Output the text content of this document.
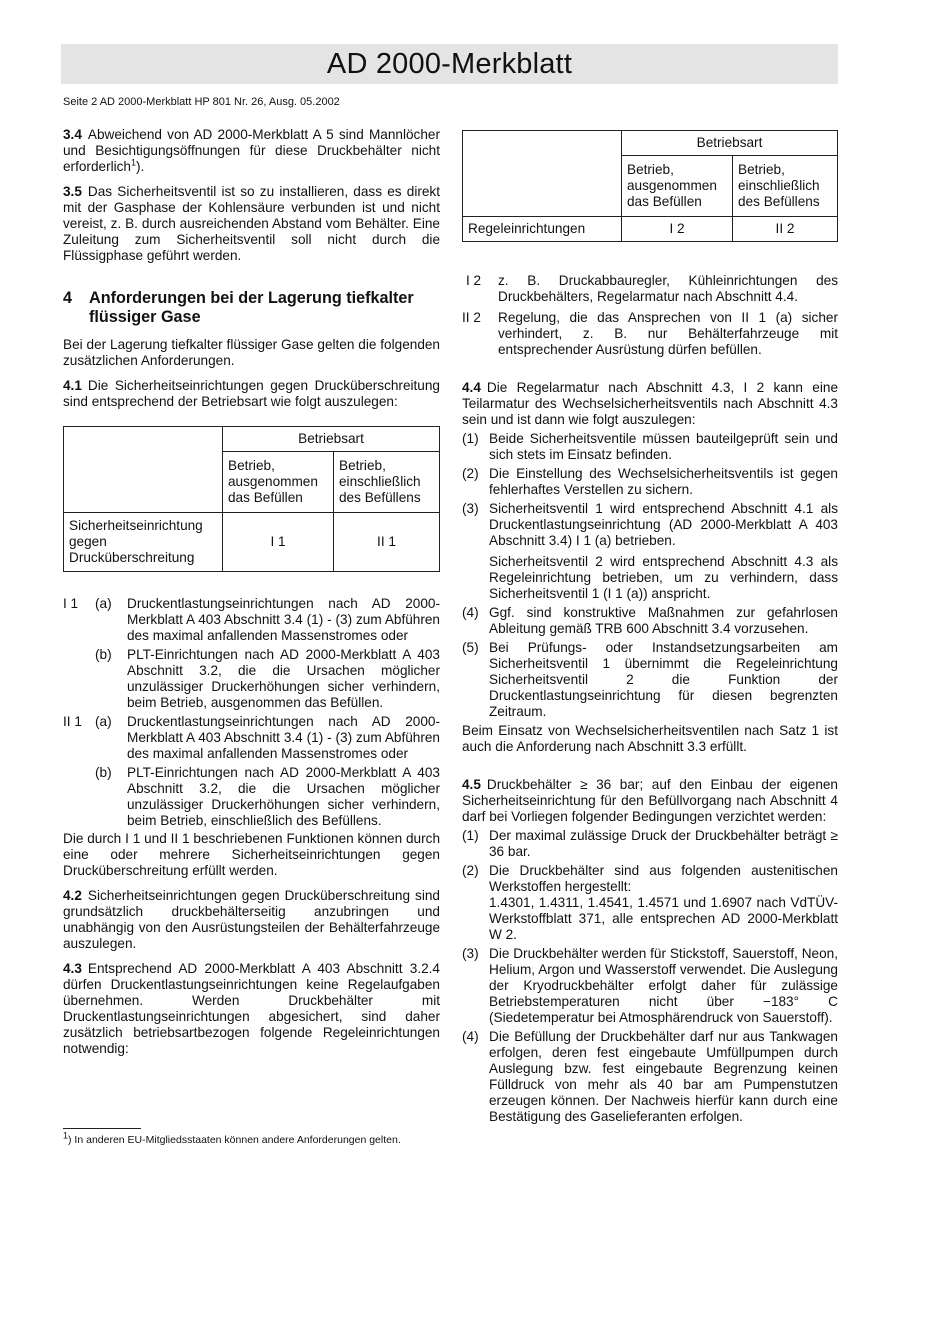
AD 2000-Merkblatt
Seite 2 AD 2000-Merkblatt HP 801 Nr. 26, Ausg. 05.2002

3.4 Abweichend von AD 2000-Merkblatt A 5 sind Mannlöcher und Besichtigungsöffnungen für diese Druckbehälter nicht erforderlich$^1$).

3.5 Das Sicherheitsventil ist so zu installieren, dass es direkt mit der Gasphase der Kohlensäure verbunden ist und nicht vereist, z. B. durch ausreichenden Abstand vom Behälter. Eine Zuleitung zum Sicherheitsventil soll nicht durch die Flüssigphase geführt werden.

4	Anforderungen bei der Lagerung tiefkalter flüssiger Gase

Bei der Lagerung tiefkalter flüssiger Gase gelten die folgenden zusätzlichen Anforderungen.

4.1 Die Sicherheitseinrichtungen gegen Drucküberschreitung sind entsprechend der Betriebsart wie folgt auszulegen:

	Betriebsart	
	Betrieb, ausgenommen das Befüllen	Betrieb, einschließlich des Befüllens
Sicherheitseinrichtung gegen Drucküberschreitung	I 1	II 1
I 1	(a)	Druckentlastungseinrichtungen nach AD 2000-Merkblatt A 403 Abschnitt 3.4 (1) - (3) zum Abführen des maximal anfallenden Massenstromes oder
(b)	PLT-Einrichtungen nach AD 2000-Merkblatt A 403 Abschnitt 3.2, die die Ursachen möglicher unzulässiger Druckerhöhungen sicher verhindern, beim Betrieb, ausgenommen das Befüllen.
II 1 (a)	Druckentlastungseinrichtungen nach AD 2000-Merkblatt A 403 Abschnitt 3.4 (1) - (3) zum Abführen des maximal anfallenden Massenstromes oder
(b)	PLT-Einrichtungen nach AD 2000-Merkblatt A 403 Abschnitt 3.2, die die Ursachen möglicher unzulässiger Druckerhöhungen sicher verhindern, beim Betrieb, einschließlich des Befüllens.

Die durch I 1 und II 1 beschriebenen Funktionen können durch eine oder mehrere Sicherheitseinrichtungen gegen Drucküberschreitung erfüllt werden.

4.2 Sicherheitseinrichtungen gegen Drucküberschreitung sind grundsätzlich druckbehälterseitig anzubringen und unabhängig von den Ausrüstungsteilen der Behälterfahrzeuge auszulegen.

4.3 Entsprechend AD 2000-Merkblatt A 403 Abschnitt 3.2.4 dürfen Druckentlastungseinrichtungen keine Regelaufgaben übernehmen. Werden Druckbehälter mit Druckentlastungseinrichtungen abgesichert, sind daher zusätzlich betriebsartbezogen folgende Regeleinrichtungen notwendig:

	Betriebsart	
	Betrieb, ausgenommen das Befüllen	Betrieb, einschließlich des Befüllens
Regeleinrichtungen	I 2	II 2
I 2	z. B. Druckabbauregler, Kühleinrichtungen des Druckbehälters, Regelarmatur nach Abschnitt 4.4.
II 2	Regelung, die das Ansprechen von II 1 (a) sicher verhindert, z. B. nur Behälterfahrzeuge mit entsprechender Ausrüstung dürfen befüllen.

4.4 Die Regelarmatur nach Abschnitt 4.3, I 2 kann eine Teilarmatur des Wechselsicherheitsventils nach Abschnitt 4.3 sein und ist dann wie folgt auszulegen:

(1) Beide Sicherheitsventile müssen bauteilgeprüft sein und sich stets im Einsatz befinden.
(2) Die Einstellung des Wechselsicherheitsventils ist gegen fehlerhaftes Verstellen zu sichern.
(3) Sicherheitsventil 1 wird entsprechend Abschnitt 4.1 als Druckentlastungseinrichtung (AD 2000-Merkblatt A 403 Abschnitt 3.4) I 1 (a) betrieben.
Sicherheitsventil 2 wird entsprechend Abschnitt 4.3 als Regeleinrichtung betrieben, um zu verhindern, dass Sicherheitsventil 1 (I 1 (a)) anspricht.
(4) Ggf. sind konstruktive Maßnahmen zur gefahrlosen Ableitung gemäß TRB 600 Abschnitt 3.4 vorzusehen.
(5) Bei Prüfungs- oder Instandsetzungsarbeiten am Sicherheitsventil 1 übernimmt die Regeleinrichtung Sicherheitsventil 2 die Funktion der Druckentlastungseinrichtung für diesen begrenzten Zeitraum.

Beim Einsatz von Wechselsicherheitsventilen nach Satz 1 ist auch die Anforderung nach Abschnitt 3.3 erfüllt.

4.5 Druckbehälter ≥ 36 bar; auf den Einbau der eigenen Sicherheitseinrichtung für den Befüllvorgang nach Abschnitt 4 darf bei Vorliegen folgender Bedingungen verzichtet werden:

(1) Der maximal zulässige Druck der Druckbehälter beträgt ≥ 36 bar.
(2) Die Druckbehälter sind aus folgenden austenitischen Werkstoffen hergestellt:
1.4301, 1.4311, 1.4541, 1.4571 und 1.6907 nach VdTÜV-Werkstoffblatt 371, alle entsprechen AD 2000-Merkblatt W 2.
(3) Die Druckbehälter werden für Stickstoff, Sauerstoff, Neon, Helium, Argon und Wasserstoff verwendet. Die Auslegung der Kryodruckbehälter erfolgt daher für zulässige Betriebstemperaturen nicht über −183° C (Siedetemperatur bei Atmosphärendruck von Sauerstoff).
(4) Die Befüllung der Druckbehälter darf nur aus Tankwagen erfolgen, deren fest eingebaute Umfüllpumpen durch Auslegung bzw. fest eingebaute Begrenzung keinen Fülldruck von mehr als 40 bar am Pumpenstutzen erzeugen können. Der Nachweis hierfür kann durch eine Bestätigung des Gaselieferanten erfolgen.
$^1$) In anderen EU-Mitgliedsstaaten können andere Anforderungen gelten.
